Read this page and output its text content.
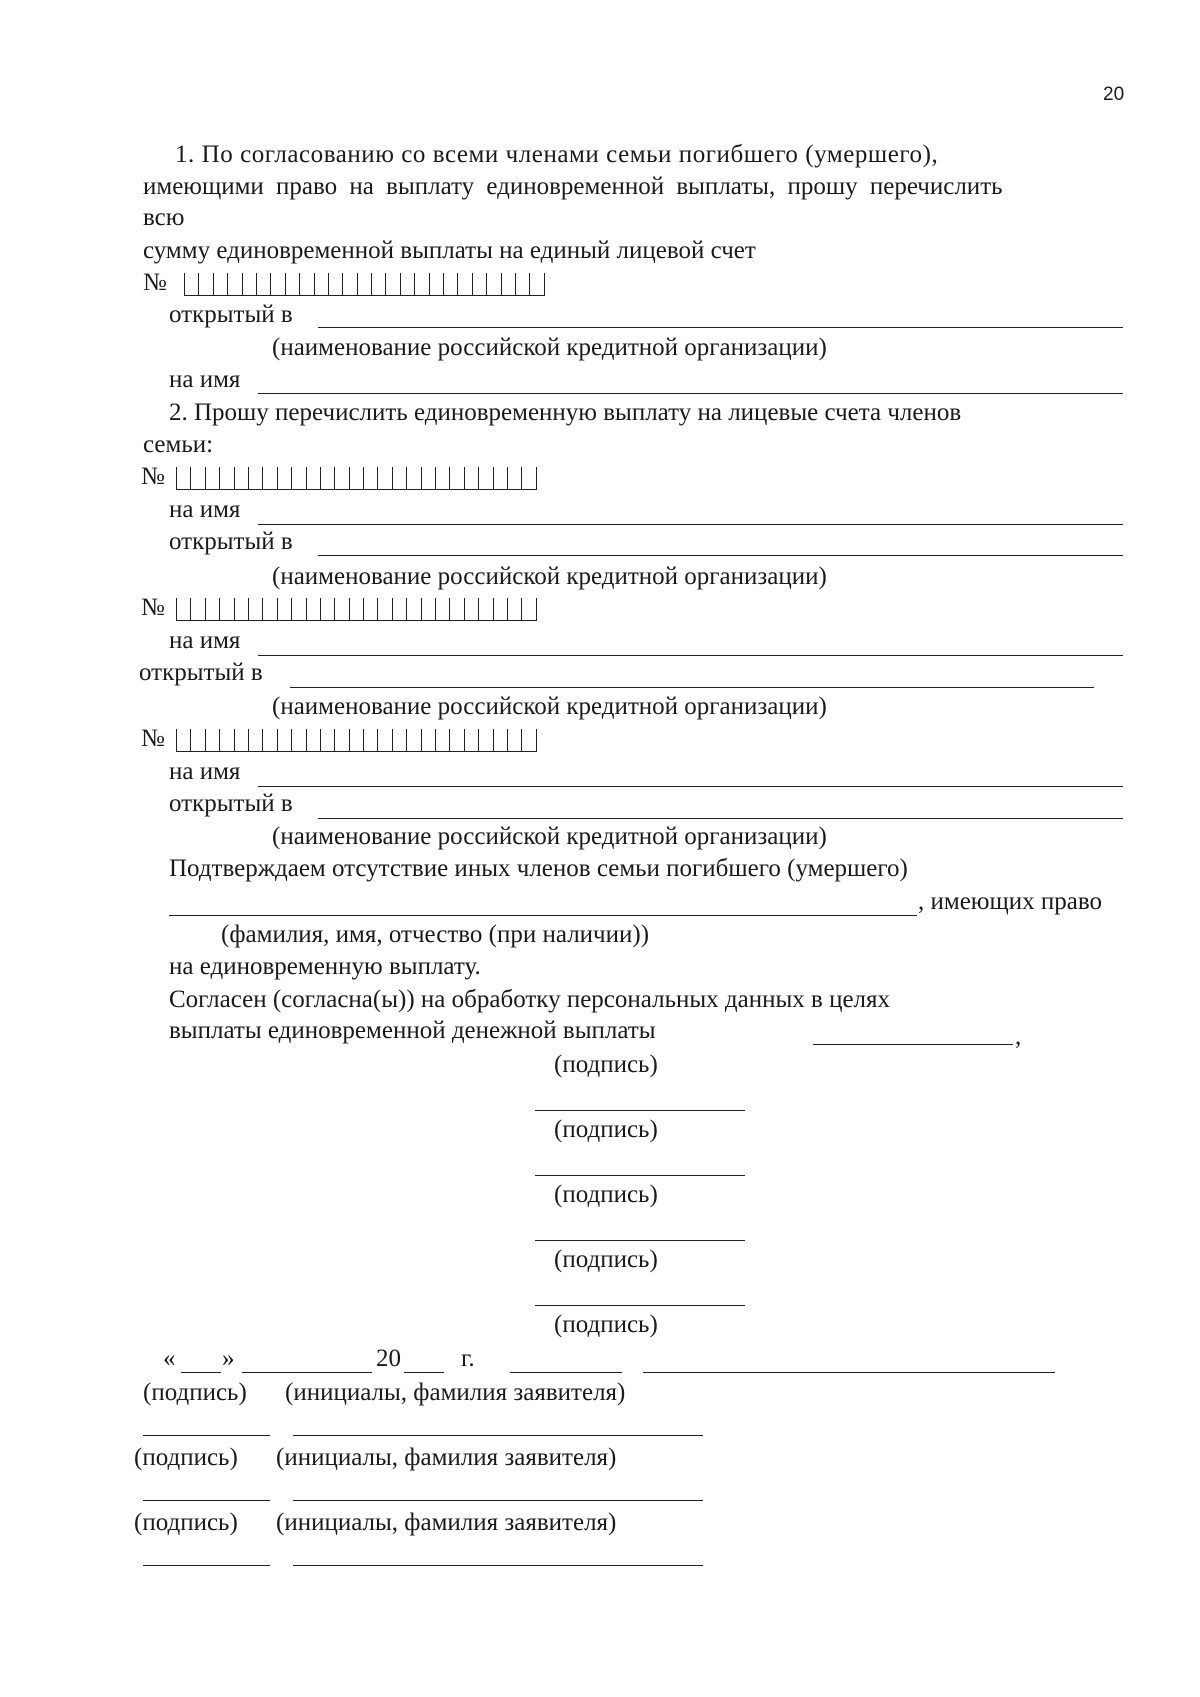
20
1. По согласованию со всеми членами семьи погибшего (умершего),
имеющими право на выплату единовременной выплаты, прошу перечислить
всю
сумму единовременной выплаты на единый лицевой счет
№
открытый в
(наименование российской кредитной организации)
на имя
2. Прошу перечислить единовременную выплату на лицевые счета членов
семьи:
№
на имя
открытый в
(наименование российской кредитной организации)
№
на имя
открытый в
(наименование российской кредитной организации)
№
на имя
открытый в
(наименование российской кредитной организации)
Подтверждаем отсутствие иных членов семьи погибшего (умершего)
, имеющих право
(фамилия, имя, отчество (при наличии))
на единовременную выплату.
Согласен (согласна(ы)) на обработку персональных данных в целях
выплаты единовременной денежной выплаты	,
(подпись)
(подпись)
(подпись)
(подпись)
(подпись)
« »	20 г.
(подпись) (инициалы, фамилия заявителя)
(подпись) (инициалы, фамилия заявителя)
(подпись) (инициалы, фамилия заявителя)
